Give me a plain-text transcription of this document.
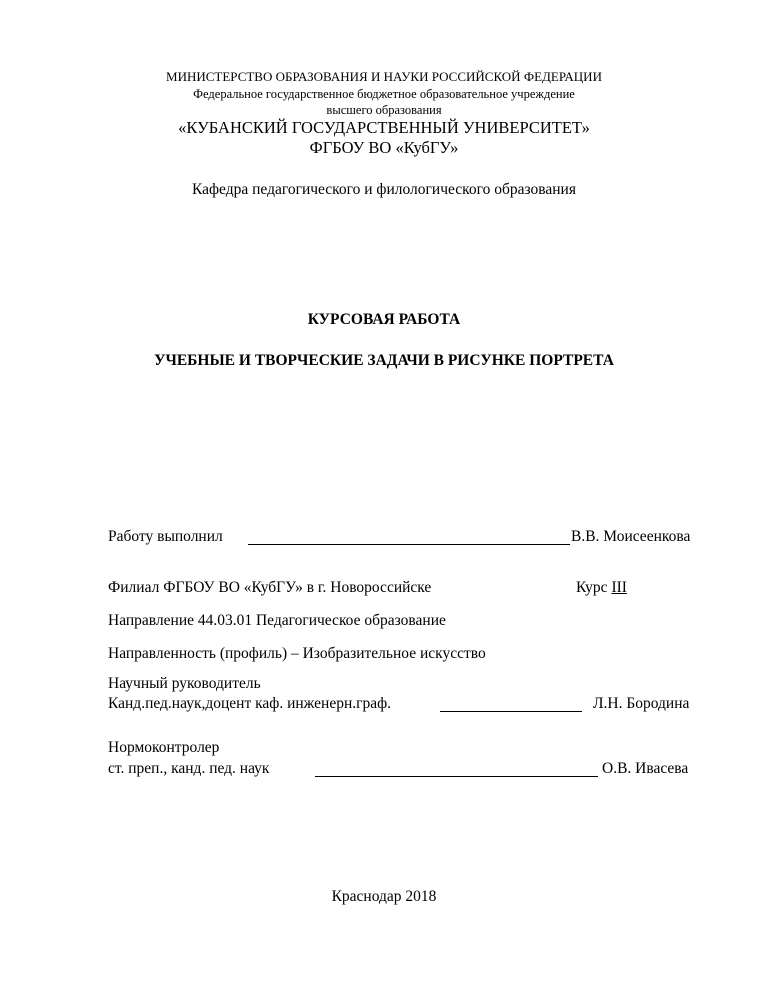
МИНИСТЕРСТВО ОБРАЗОВАНИЯ И НАУКИ РОССИЙСКОЙ ФЕДЕРАЦИИ
Федеральное государственное бюджетное образовательное учреждение
высшего образования
«КУБАНСКИЙ ГОСУДАРСТВЕННЫЙ УНИВЕРСИТЕТ»
ФГБОУ ВО «КубГУ»
Кафедра педагогического и филологического образования
КУРСОВАЯ РАБОТА
УЧЕБНЫЕ И ТВОРЧЕСКИЕ ЗАДАЧИ В РИСУНКЕ ПОРТРЕТА
Работу выполнил	В.В. Моисеенкова
Филиал ФГБОУ ВО «КубГУ» в г. Новороссийске	Курс III
Направление 44.03.01 Педагогическое образование
Направленность (профиль) – Изобразительное искусство
Научный руководитель
Канд.пед.наук,доцент каф. инженерн.граф.	Л.Н. Бородина
Нормоконтролер
ст. преп., канд. пед. наук	О.В. Ивасева
Краснодар 2018
